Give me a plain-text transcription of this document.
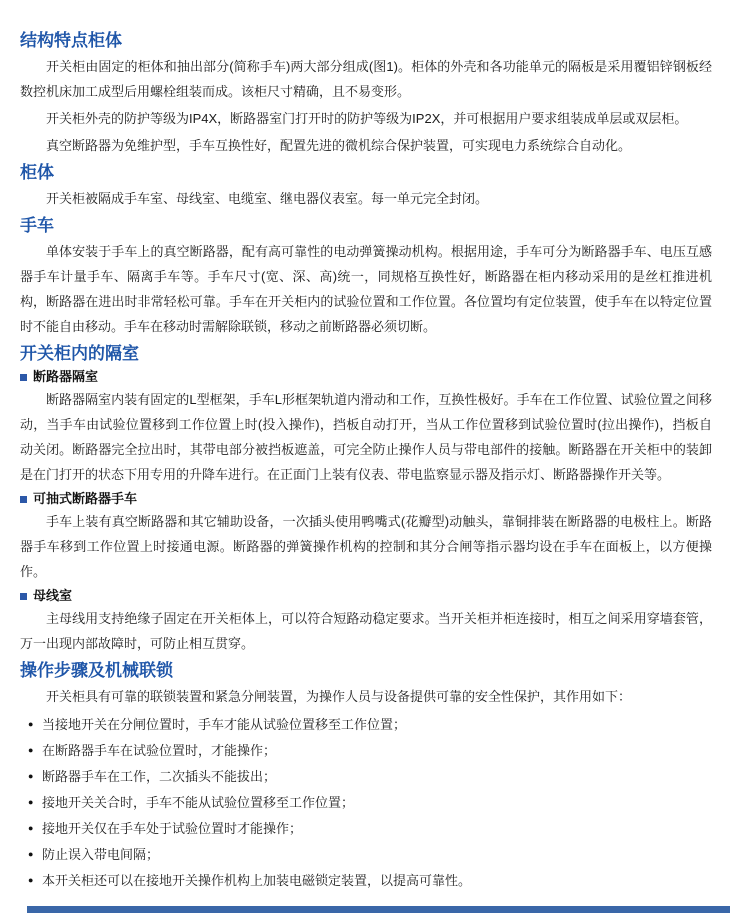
结构特点柜体

开关柜由固定的柜体和抽出部分(简称手车)两大部分组成(图1)。柜体的外壳和各功能单元的隔板是采用覆铝锌钢板经数控机床加工成型后用螺栓组装而成。该柜尺寸精确，且不易变形。

开关柜外壳的防护等级为IP4X，断路器室门打开时的防护等级为IP2X，并可根据用户要求组装成单层或双层柜。

真空断路器为免维护型，手车互换性好，配置先进的微机综合保护装置，可实现电力系统综合自动化。

柜体

开关柜被隔成手车室、母线室、电缆室、继电器仪表室。每一单元完全封闭。

手车

单体安装于手车上的真空断路器，配有高可靠性的电动弹簧操动机构。根据用途，手车可分为断路器手车、电压互感器手车计量手车、隔离手车等。手车尺寸(宽、深、高)统一，同规格互换性好，断路器在柜内移动采用的是丝杠推进机构，断路器在进出时非常轻松可靠。手车在开关柜内的试验位置和工作位置。各位置均有定位装置，使手车在以特定位置时不能自由移动。手车在移动时需解除联锁，移动之前断路器必须切断。

开关柜内的隔室
断路器隔室

断路器隔室内装有固定的L型框架，手车L形框架轨道内滑动和工作，互换性极好。手车在工作位置、试验位置之间移动，当手车由试验位置移到工作位置上时(投入操作)，挡板自动打开，当从工作位置移到试验位置时(拉出操作)，挡板自动关闭。断路器完全拉出时，其带电部分被挡板遮盖，可完全防止操作人员与带电部件的接触。断路器在开关柜中的装卸是在门打开的状态下用专用的升降车进行。在正面门上装有仪表、带电监察显示器及指示灯、断路器操作开关等。

可抽式断路器手车

手车上装有真空断路器和其它辅助设备，一次插头使用鸭嘴式(花瓣型)动触头，靠铜排装在断路器的电极柱上。断路器手车移到工作位置上时接通电源。断路器的弹簧操作机构的控制和其分合闸等指示器均设在手车在面板上，以方便操作。

母线室

主母线用支持绝缘子固定在开关柜体上，可以符合短路动稳定要求。当开关柜并柜连接时，相互之间采用穿墙套管，万一出现内部故障时，可防止相互贯穿。

操作步骤及机械联锁

开关柜具有可靠的联锁装置和紧急分闸装置，为操作人员与设备提供可靠的安全性保护，其作用如下：

● 当接地开关在分闸位置时，手车才能从试验位置移至工作位置；
● 在断路器手车在试验位置时，才能操作；
● 断路器手车在工作，二次插头不能拔出；
● 接地开关关合时，手车不能从试验位置移至工作位置；
● 接地开关仅在手车处于试验位置时才能操作；
● 防止误入带电间隔；
● 本开关柜还可以在接地开关操作机构上加装电磁锁定装置，以提高可靠性。
